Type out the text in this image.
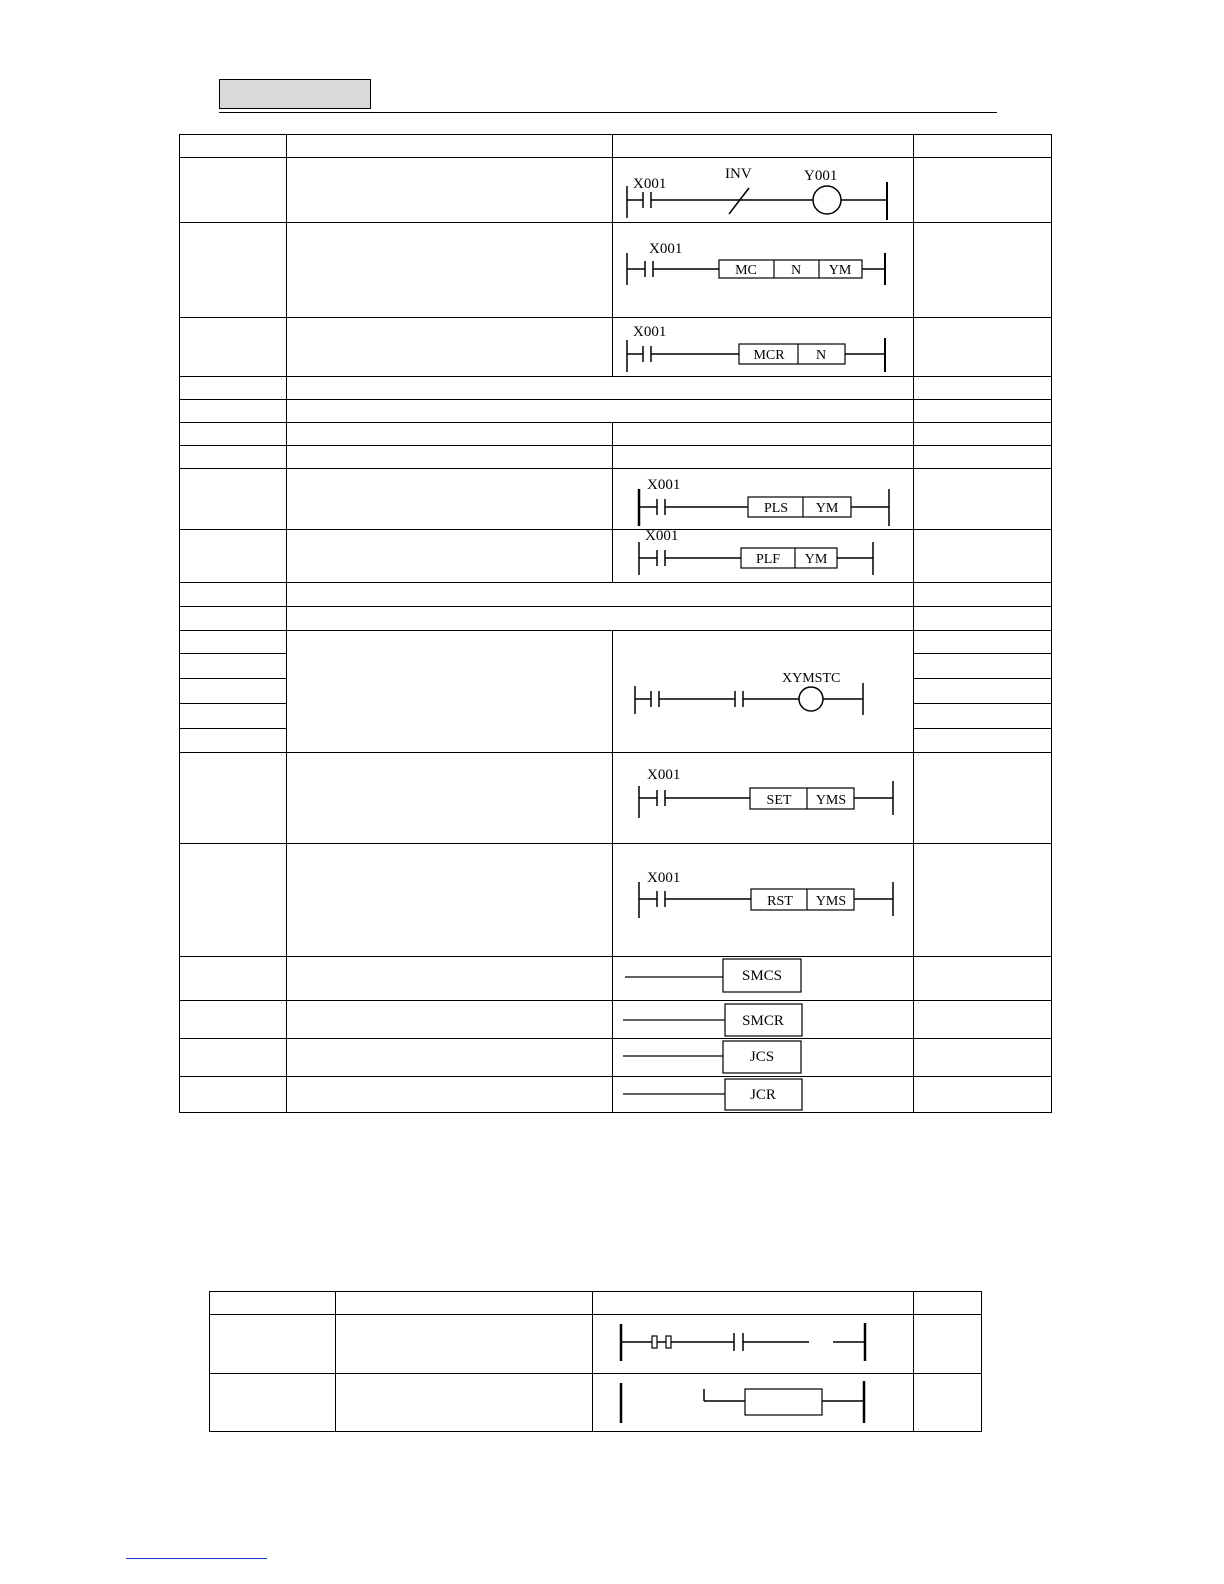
X001
INV Y001	

X001
MC N YM	

X001
MCR N	

X001
PLS YM	

X001
PLF YM	

XYMSTC	

X001
SET YMS	

X001
RST YMS	

SMCS	

SMCR	

JCS	

JCR	
